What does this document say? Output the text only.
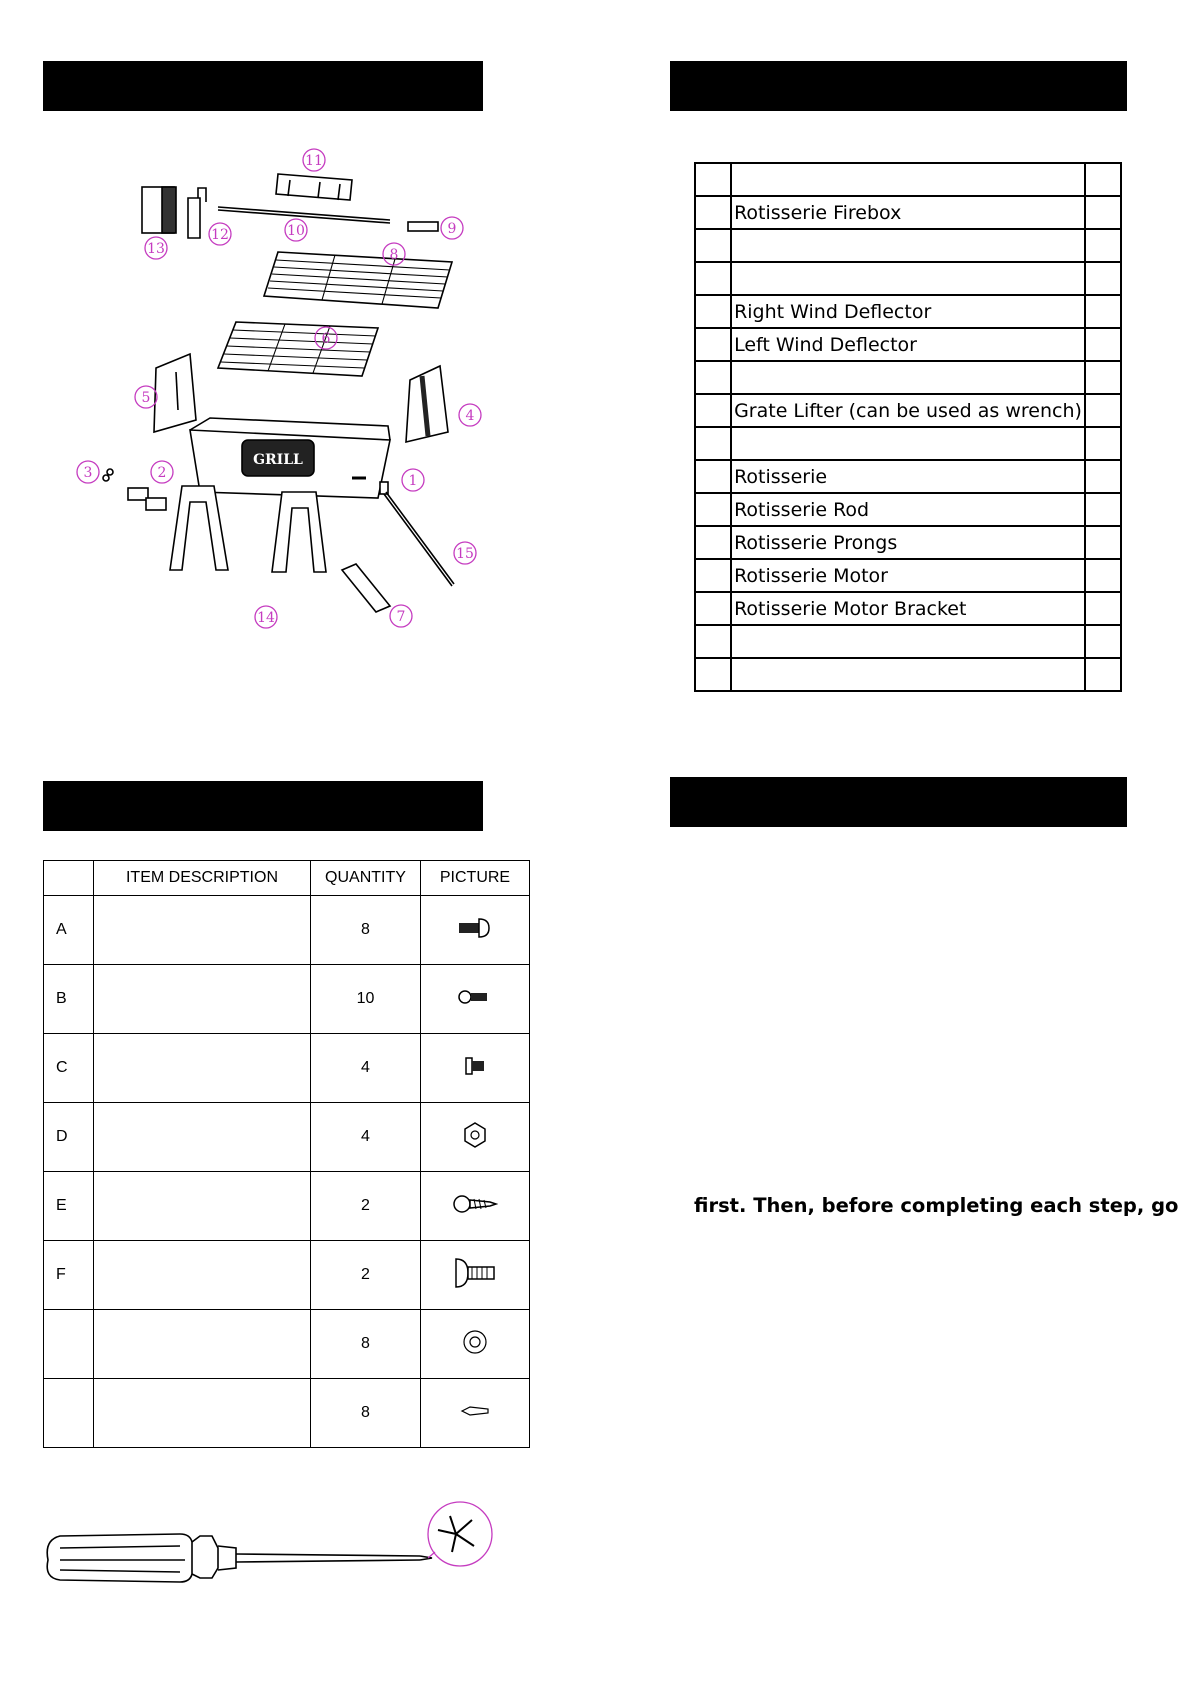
GRILL
1
2
3
4
5
6
7
8
9
10
11
12
13
14
15

	Rotisserie Firebox	

	Right Wind Deflector	
	Left Wind Deflector	

	Grate Lifter (can be used as wrench)	

	Rotisserie	
	Rotisserie Rod	
	Rotisserie Prongs	
	Rotisserie Motor	
	Rotisserie Motor Bracket	

	ITEM DESCRIPTION	QUANTITY	PICTURE
A		8	
B		10	
C		4	
D		4	
E		2	
F		2	
		8	
		8	
first. Then, before completing each step, go
